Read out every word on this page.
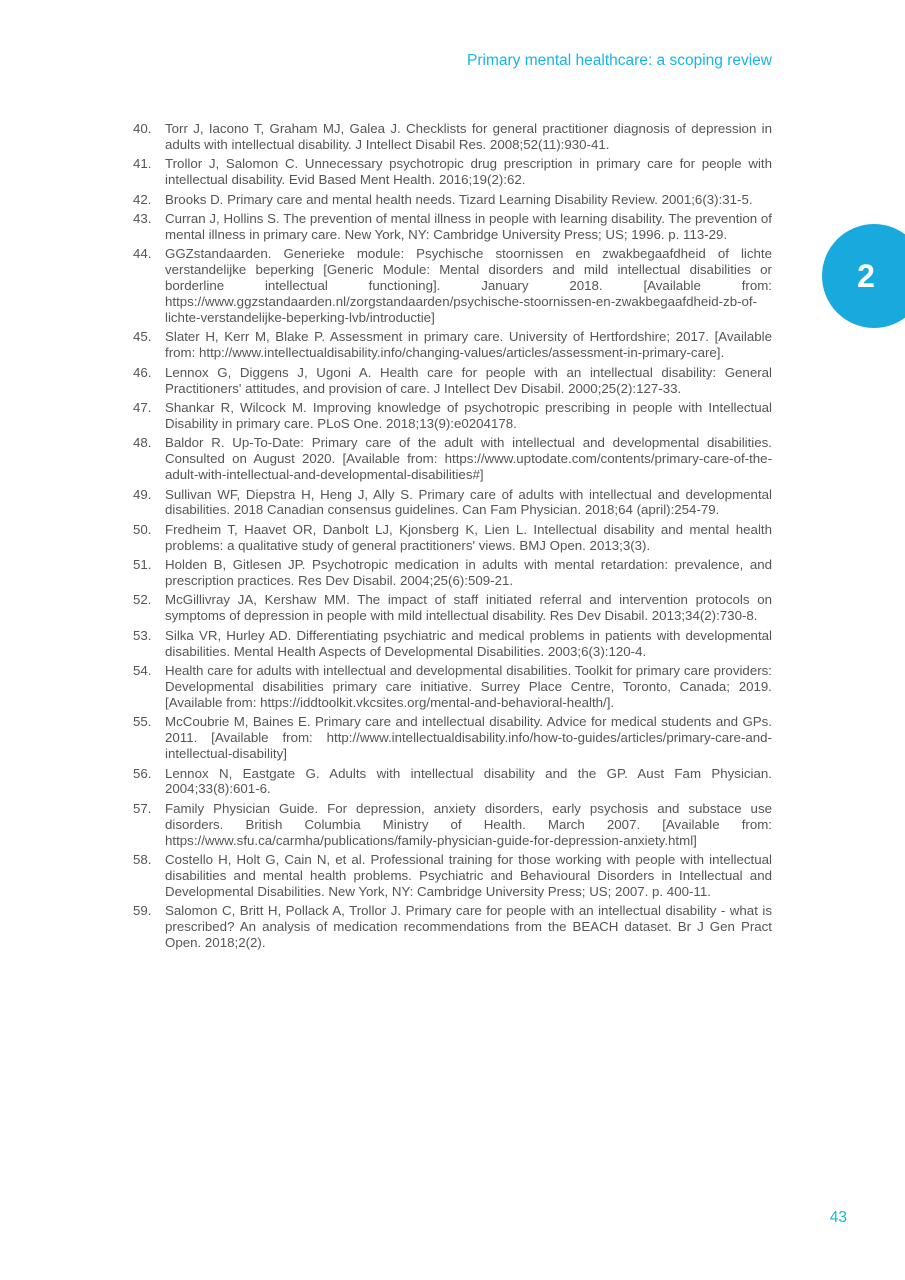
Primary mental healthcare: a scoping review
2
40.	Torr J, Iacono T, Graham MJ, Galea J. Checklists for general practitioner diagnosis of depression in adults with intellectual disability. J Intellect Disabil Res. 2008;52(11):930-41.
41.	Trollor J, Salomon C. Unnecessary psychotropic drug prescription in primary care for people with intellectual disability. Evid Based Ment Health. 2016;19(2):62.
42.	Brooks D. Primary care and mental health needs. Tizard Learning Disability Review. 2001;6(3):31-5.
43.	Curran J, Hollins S. The prevention of mental illness in people with learning disability. The prevention of mental illness in primary care. New York, NY: Cambridge University Press; US; 1996. p. 113-29.
44.	GGZstandaarden. Generieke module: Psychische stoornissen en zwakbegaafdheid of lichte verstandelijke beperking [Generic Module: Mental disorders and mild intellectual disabilities or borderline intellectual functioning]. January 2018. [Available from: https://www.ggzstandaarden.nl/zorgstandaarden/psychische-stoornissen-en-zwakbegaafdheid-zb-of-lichte-verstandelijke-beperking-lvb/introductie]
45.	Slater H, Kerr M, Blake P. Assessment in primary care. University of Hertfordshire; 2017. [Available from: http://www.intellectualdisability.info/changing-values/articles/assessment-in-primary-care].
46.	Lennox G, Diggens J, Ugoni A. Health care for people with an intellectual disability: General Practitioners' attitudes, and provision of care. J Intellect Dev Disabil. 2000;25(2):127-33.
47.	Shankar R, Wilcock M. Improving knowledge of psychotropic prescribing in people with Intellectual Disability in primary care. PLoS One. 2018;13(9):e0204178.
48.	Baldor R. Up-To-Date: Primary care of the adult with intellectual and developmental disabilities. Consulted on August 2020. [Available from: https://www.uptodate.com/contents/primary-care-of-the-adult-with-intellectual-and-developmental-disabilities#]
49.	Sullivan WF, Diepstra H, Heng J, Ally S. Primary care of adults with intellectual and developmental disabilities. 2018 Canadian consensus guidelines. Can Fam Physician. 2018;64 (april):254-79.
50.	Fredheim T, Haavet OR, Danbolt LJ, Kjonsberg K, Lien L. Intellectual disability and mental health problems: a qualitative study of general practitioners' views. BMJ Open. 2013;3(3).
51.	Holden B, Gitlesen JP. Psychotropic medication in adults with mental retardation: prevalence, and prescription practices. Res Dev Disabil. 2004;25(6):509-21.
52.	McGillivray JA, Kershaw MM. The impact of staff initiated referral and intervention protocols on symptoms of depression in people with mild intellectual disability. Res Dev Disabil. 2013;34(2):730-8.
53.	Silka VR, Hurley AD. Differentiating psychiatric and medical problems in patients with developmental disabilities. Mental Health Aspects of Developmental Disabilities. 2003;6(3):120-4.
54.	Health care for adults with intellectual and developmental disabilities. Toolkit for primary care providers: Developmental disabilities primary care initiative. Surrey Place Centre, Toronto, Canada; 2019. [Available from: https://iddtoolkit.vkcsites.org/mental-and-behavioral-health/].
55.	McCoubrie M, Baines E. Primary care and intellectual disability. Advice for medical students and GPs. 2011. [Available from: http://www.intellectualdisability.info/how-to-guides/articles/primary-care-and-intellectual-disability]
56.	Lennox N, Eastgate G. Adults with intellectual disability and the GP. Aust Fam Physician. 2004;33(8):601-6.
57.	Family Physician Guide. For depression, anxiety disorders, early psychosis and substace use disorders. British Columbia Ministry of Health. March 2007. [Available from: https://www.sfu.ca/carmha/publications/family-physician-guide-for-depression-anxiety.html]
58.	Costello H, Holt G, Cain N, et al. Professional training for those working with people with intellectual disabilities and mental health problems. Psychiatric and Behavioural Disorders in Intellectual and Developmental Disabilities. New York, NY: Cambridge University Press; US; 2007. p. 400-11.
59.	Salomon C, Britt H, Pollack A, Trollor J. Primary care for people with an intellectual disability - what is prescribed? An analysis of medication recommendations from the BEACH dataset. Br J Gen Pract Open. 2018;2(2).
43
